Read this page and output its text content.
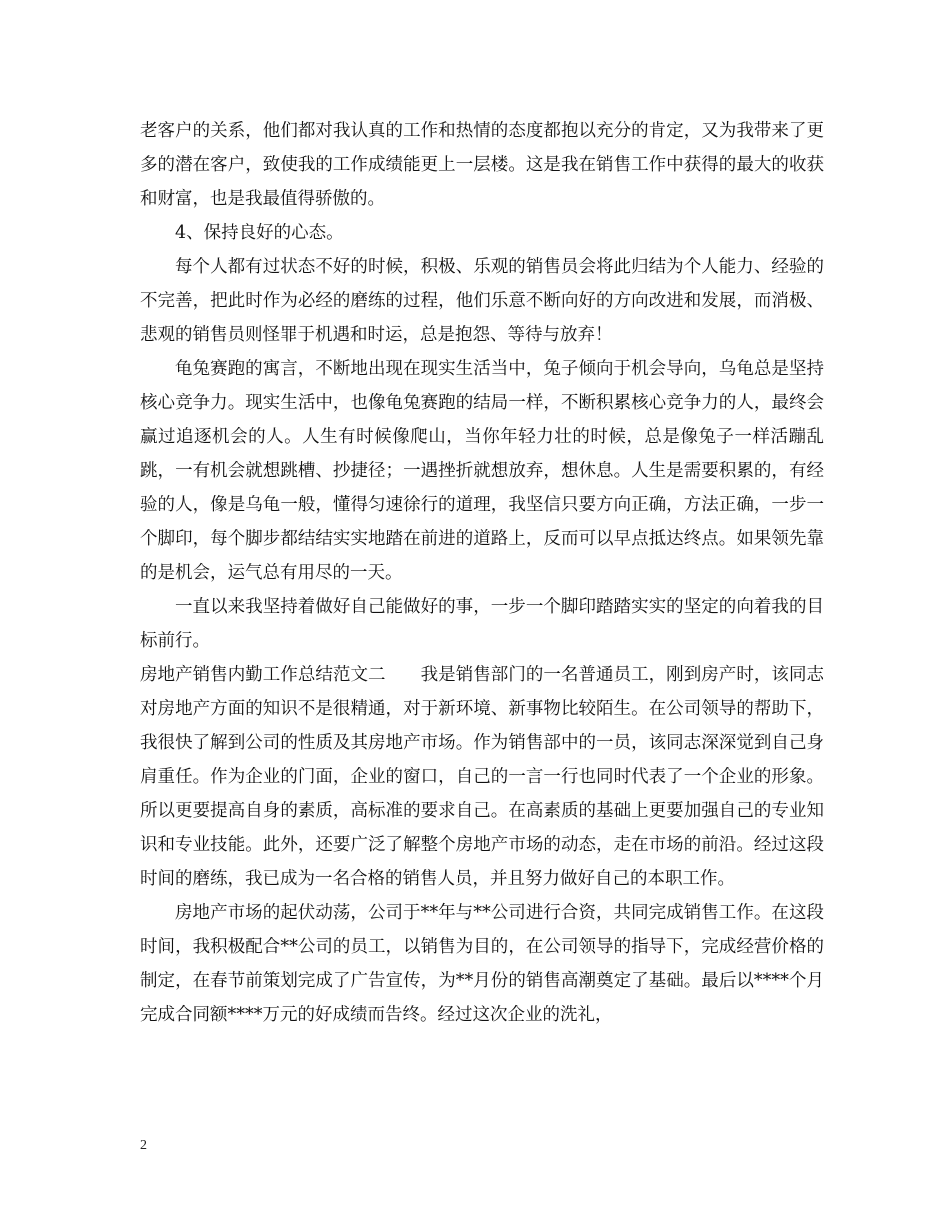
老客户的关系，他们都对我认真的工作和热情的态度都抱以充分的肯定，又为我带来了更多的潜在客户，致使我的工作成绩能更上一层楼。这是我在销售工作中获得的最大的收获和财富，也是我最值得骄傲的。

4、保持良好的心态。

每个人都有过状态不好的时候，积极、乐观的销售员会将此归结为个人能力、经验的不完善，把此时作为必经的磨练的过程，他们乐意不断向好的方向改进和发展，而消极、悲观的销售员则怪罪于机遇和时运，总是抱怨、等待与放弃！

龟兔赛跑的寓言，不断地出现在现实生活当中，兔子倾向于机会导向，乌龟总是坚持核心竞争力。现实生活中，也像龟兔赛跑的结局一样，不断积累核心竞争力的人，最终会赢过追逐机会的人。人生有时候像爬山，当你年轻力壮的时候，总是像兔子一样活蹦乱跳，一有机会就想跳槽、抄捷径；一遇挫折就想放弃，想休息。人生是需要积累的，有经验的人，像是乌龟一般，懂得匀速徐行的道理，我坚信只要方向正确，方法正确，一步一个脚印，每个脚步都结结实实地踏在前进的道路上，反而可以早点抵达终点。如果领先靠的是机会，运气总有用尽的一天。

一直以来我坚持着做好自己能做好的事，一步一个脚印踏踏实实的坚定的向着我的目标前行。

房地产销售内勤工作总结范文二 我是销售部门的一名普通员工，刚到房产时，该同志对房地产方面的知识不是很精通，对于新环境、新事物比较陌生。在公司领导的帮助下，我很快了解到公司的性质及其房地产市场。作为销售部中的一员，该同志深深觉到自己身肩重任。作为企业的门面，企业的窗口，自己的一言一行也同时代表了一个企业的形象。所以更要提高自身的素质，高标准的要求自己。在高素质的基础上更要加强自己的专业知识和专业技能。此外，还要广泛了解整个房地产市场的动态，走在市场的前沿。经过这段时间的磨练，我已成为一名合格的销售人员，并且努力做好自己的本职工作。

房地产市场的起伏动荡，公司于**年与**公司进行合资，共同完成销售工作。在这段时间，我积极配合**公司的员工，以销售为目的，在公司领导的指导下，完成经营价格的制定，在春节前策划完成了广告宣传，为**月份的销售高潮奠定了基础。最后以****个月完成合同额****万元的好成绩而告终。经过这次企业的洗礼，

2
